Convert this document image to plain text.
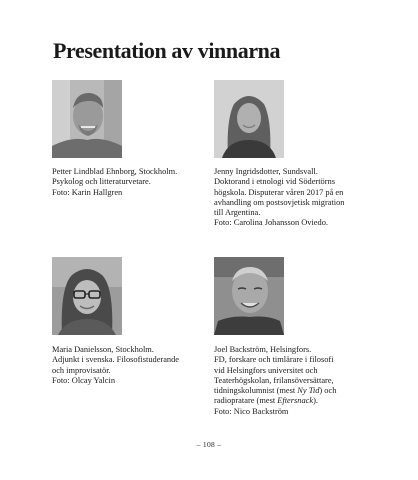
Presentation av vinnarna
Petter Lindblad Ehnborg, Stockholm.
Psykolog och litteraturvetare.
Foto: Karin Hallgren
Jenny Ingridsdotter, Sundsvall.
Doktorand i etnologi vid Södertörns
högskola. Disputerar våren 2017 på en
avhandling om postsovjetisk migration
till Argentina.
Foto: Carolina Johansson Oviedo.
Maria Danielsson, Stockholm.
Adjunkt i svenska. Filosofistuderande
och improvisatör.
Foto: Olcay Yalcin
Joel Backström, Helsingfors.
FD, forskare och timlärare i filosofi
vid Helsingfors universitet och
Teaterhögskolan, frilansöversättare,
tidningskolumnist (mest Ny Tid) och
radiopratare (mest Eftersnack).
Foto: Nico Backström
– 108 –
